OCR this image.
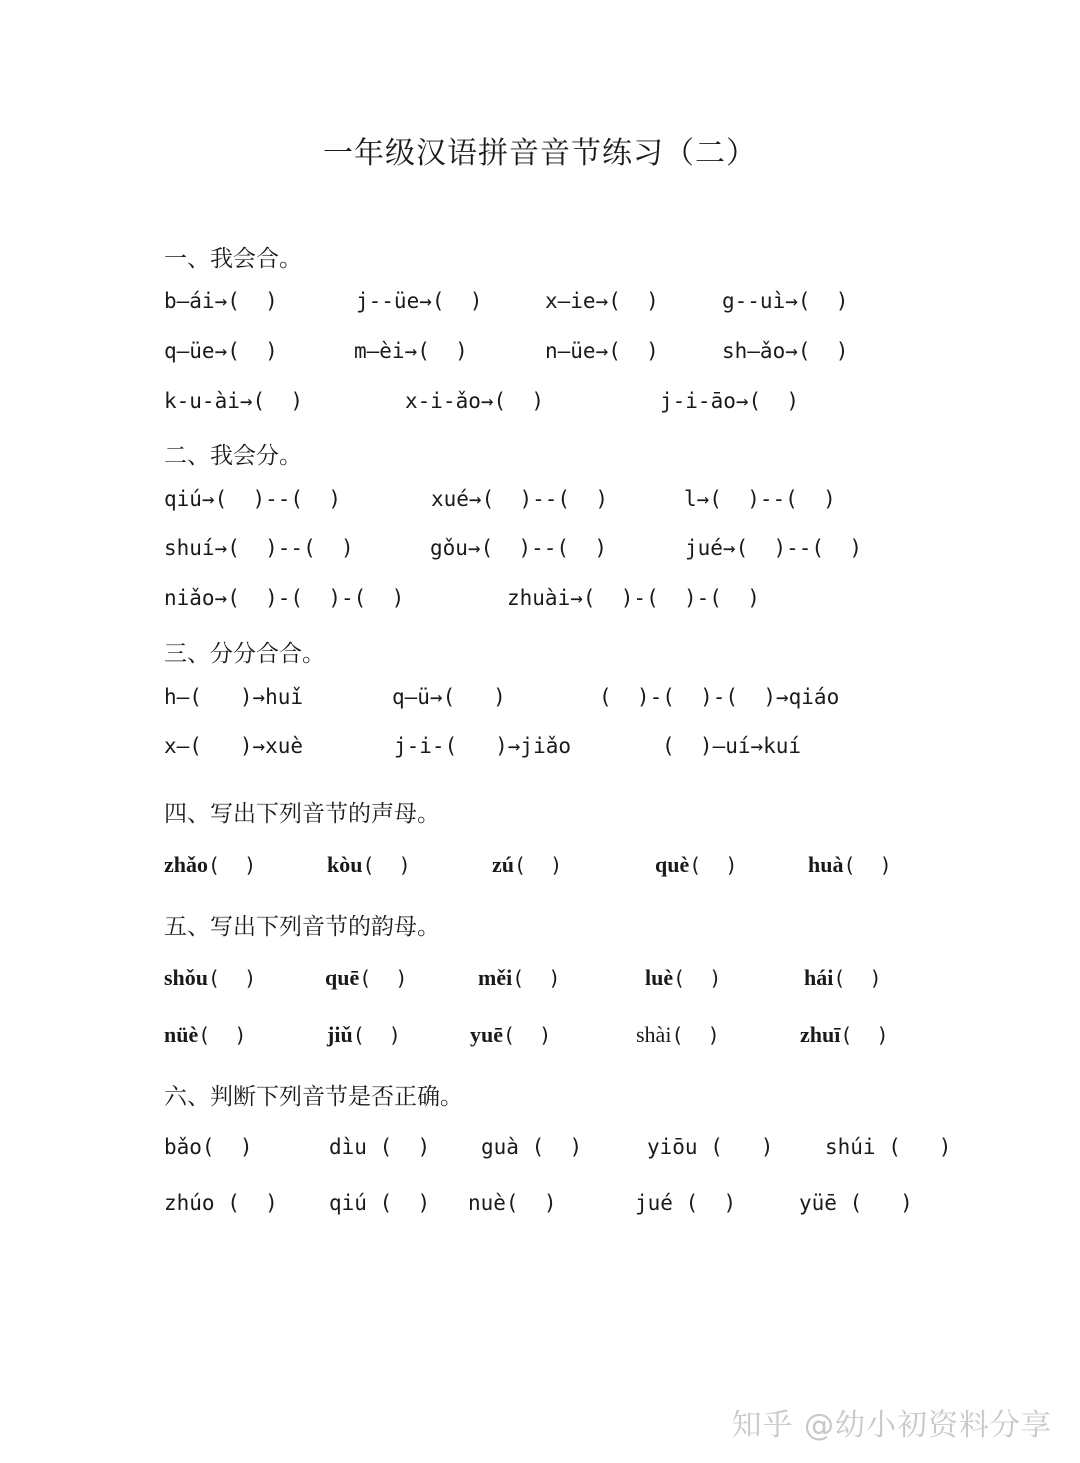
一年级汉语拼音音节练习（二）
一、我会合。
b—ái→(  )	j--üe→(  )	x—ie→(  )	g--uì→(  )
q—üe→(  )	m—èi→(  )	n—üe→(  )	sh—ǎo→(  )
k-u-ài→(  )	x-i-ǎo→(  )	j-i-āo→(  )
二、我会分。
qiú→(  )--(  )	xué→(  )--(  )	l→(  )--(  )
shuí→(  )--(  )	gǒu→(  )--(  )	jué→(  )--(  )
niǎo→(  )-(  )-(  )	zhuài→(  )-(  )-(  )
三、分分合合。
h—(   )→huǐ	q—ü→(   )	(  )-(  )-(  )→qiáo
x—(   )→xuè	j-i-(   )→jiǎo	(  )—uí→kuí
四、写出下列音节的声母。
zhǎo(  )	kòu(  )	zú(  )	què(  )	huà(  )
五、写出下列音节的韵母。
shǒu(  )	quē(  )	měi(  )	luè(  )	hái(  )
nüè(  )	jiǔ(  )	yuē(  )	shài(  )	zhuī(  )
六、判断下列音节是否正确。
bǎo(  )	dìu (  ) guà (  )	yiōu (   ) shúi (   )
zhúo (  ) qiú (  ) nuè(  )	jué (  )	yüē (   )
知乎 @幼小初资料分享
